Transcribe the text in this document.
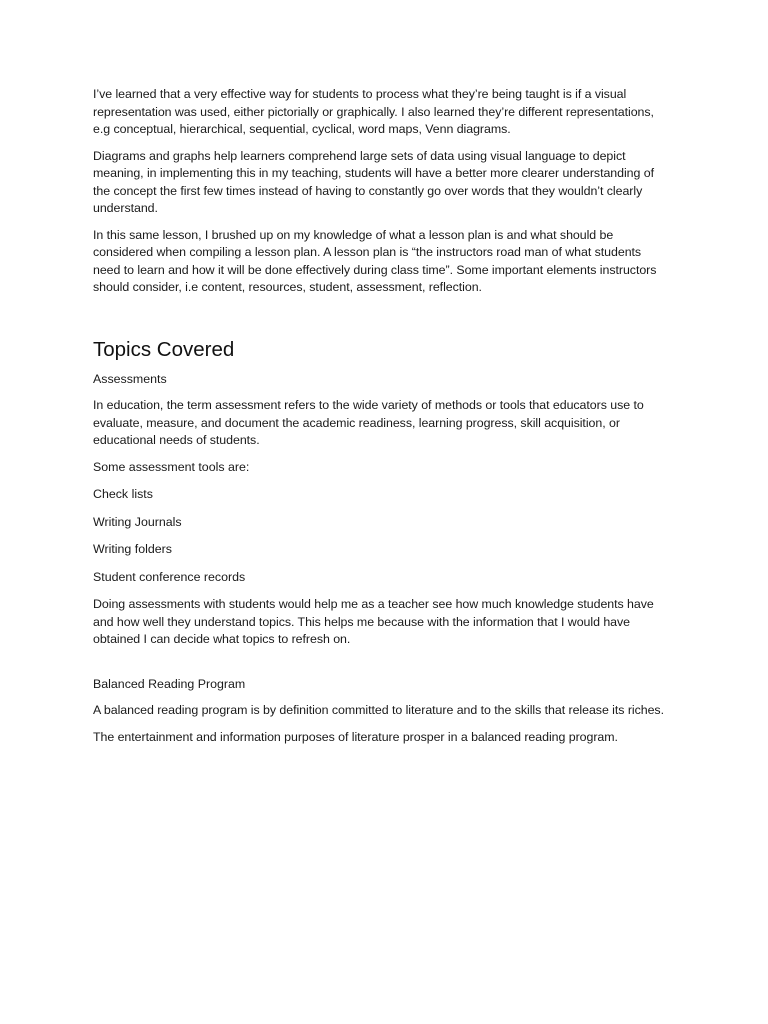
I’ve learned that a very effective way for students to process what they’re being taught is if a visual representation was used, either pictorially or graphically. I also learned they’re different representations, e.g conceptual, hierarchical, sequential, cyclical, word maps, Venn diagrams.

Diagrams and graphs help learners comprehend large sets of data using visual language to depict meaning, in implementing this in my teaching, students will have a better more clearer understanding of the concept the first few times instead of having to constantly go over words that they wouldn’t clearly understand.

In this same lesson, I brushed up on my knowledge of what a lesson plan is and what should be considered when compiling a lesson plan. A lesson plan is “the instructors road man of what students need to learn and how it will be done effectively during class time”. Some important elements instructors should consider, i.e content, resources, student, assessment, reflection.

Topics Covered

Assessments

In education, the term assessment refers to the wide variety of methods or tools that educators use to evaluate, measure, and document the academic readiness, learning progress, skill acquisition, or educational needs of students.

Some assessment tools are:

Check lists

Writing Journals

Writing folders

Student conference records

Doing assessments with students would help me as a teacher see how much knowledge students have and how well they understand topics. This helps me because with the information that I would have obtained I can decide what topics to refresh on.

Balanced Reading Program

A balanced reading program is by definition committed to literature and to the skills that release its riches.

The entertainment and information purposes of literature prosper in a balanced reading program.
